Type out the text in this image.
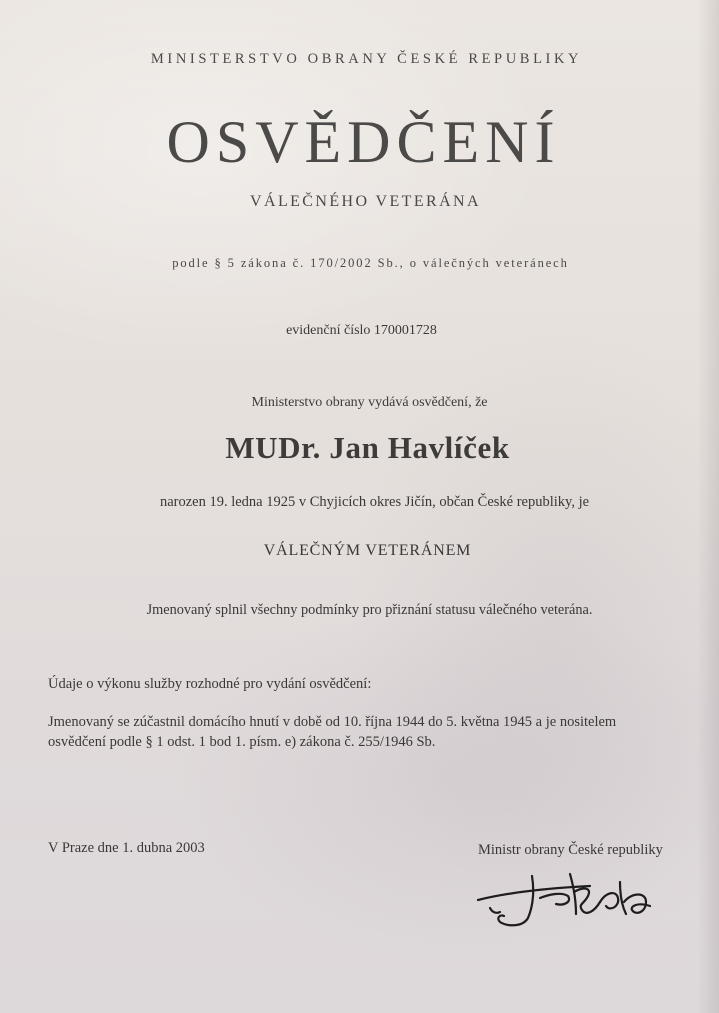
MINISTERSTVO OBRANY ČESKÉ REPUBLIKY
OSVĚDČENÍ
VÁLEČNÉHO VETERÁNA
podle § 5 zákona č. 170/2002 Sb., o válečných veteránech
evidenční číslo 170001728
Ministerstvo obrany vydává osvědčení, že
MUDr. Jan Havlíček
narozen 19. ledna 1925 v Chyjicích okres Jičín, občan České republiky, je
VÁLEČNÝM VETERÁNEM
Jmenovaný splnil všechny podmínky pro přiznání statusu válečného veterána.
Údaje o výkonu služby rozhodné pro vydání osvědčení:
Jmenovaný se zúčastnil domácího hnutí v době od 10. října 1944 do 5. května 1945 a je nositelem
osvědčení podle § 1 odst. 1 bod 1. písm. e) zákona č. 255/1946 Sb.
V Praze dne 1. dubna 2003	Ministr obrany České republiky
